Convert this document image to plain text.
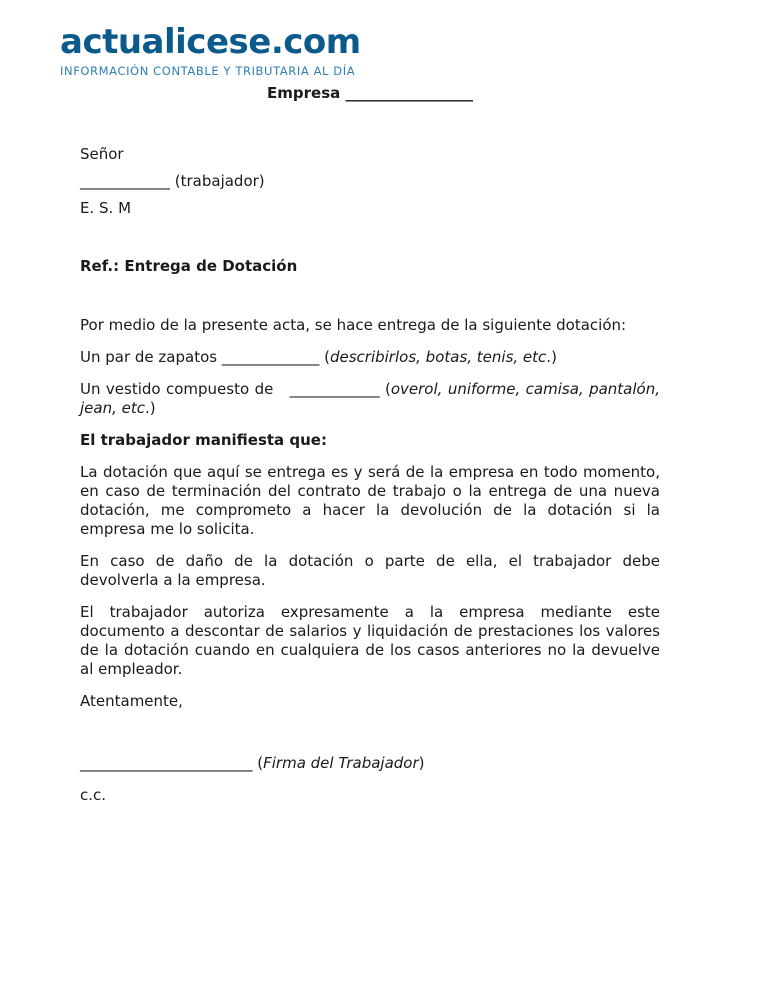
actualicese.com
INFORMACIÓN CONTABLE Y TRIBUTARIA AL DÍA
Empresa _________________

Señor

____________ (trabajador)

E. S. M

Ref.: Entrega de Dotación

Por medio de la presente acta, se hace entrega de la siguiente dotación:

Un par de zapatos _____________ (describirlos, botas, tenis, etc.)

Un vestido compuesto de   ____________ (overol, uniforme, camisa, pantalón, jean, etc.)

El trabajador manifiesta que:

La dotación que aquí se entrega es y será de la empresa en todo momento, en caso de terminación del contrato de trabajo o la entrega de una nueva dotación, me comprometo a hacer la devolución de la dotación si la empresa me lo solicita.

En caso de daño de la dotación o parte de ella, el trabajador debe devolverla a la empresa.

El trabajador autoriza expresamente a la empresa mediante este documento a descontar de salarios y liquidación de prestaciones los valores de la dotación cuando en cualquiera de los casos anteriores no la devuelve al empleador.

Atentamente,

_______________________ (Firma del Trabajador)

c.c.
